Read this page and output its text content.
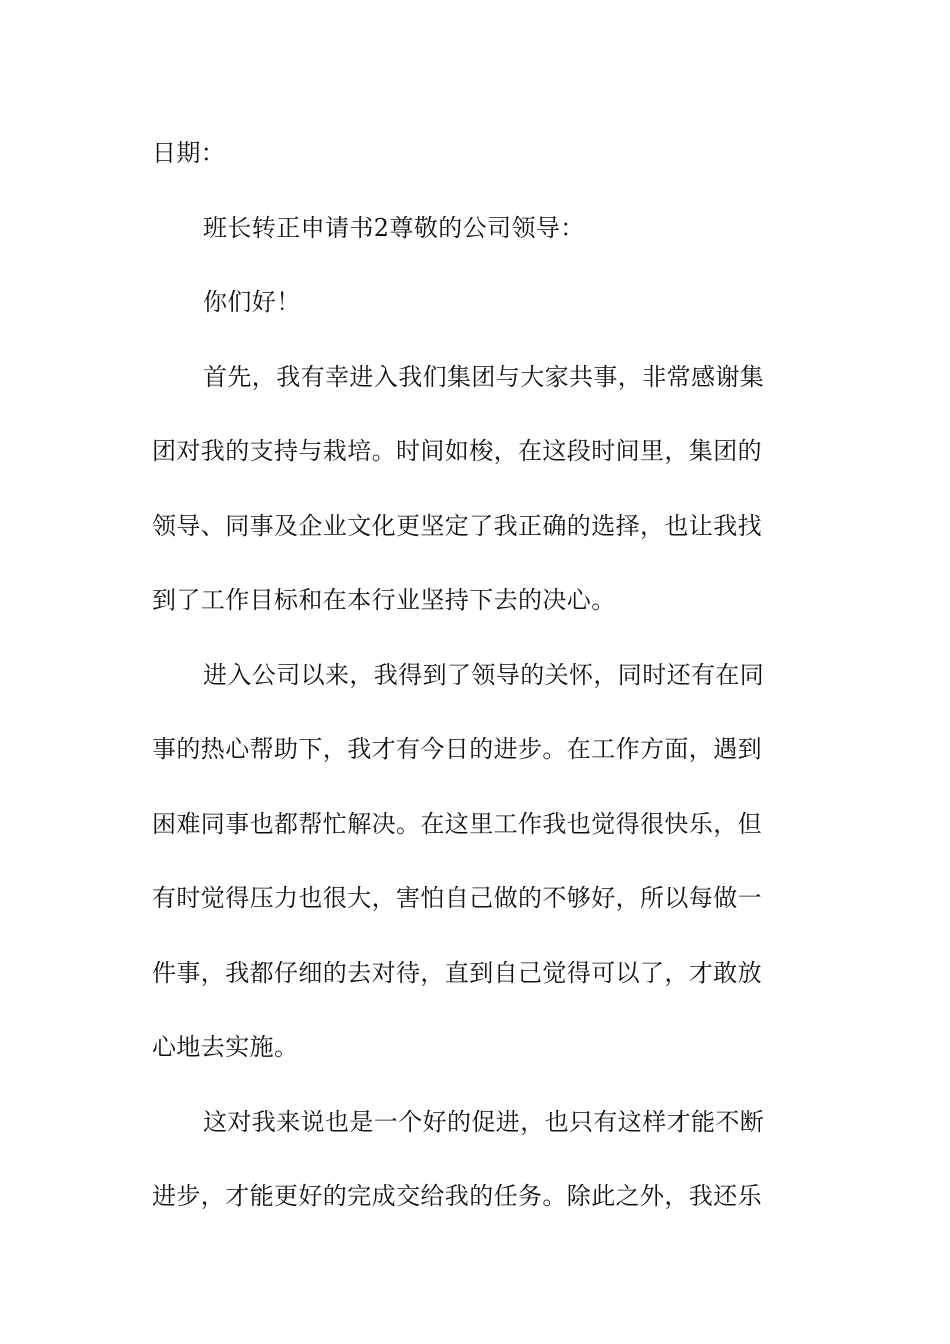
日期：
班长转正申请书2尊敬的公司领导：
你们好！
首先，我有幸进入我们集团与大家共事，非常感谢集
团对我的支持与栽培。时间如梭，在这段时间里，集团的
领导、同事及企业文化更坚定了我正确的选择，也让我找
到了工作目标和在本行业坚持下去的决心。
进入公司以来，我得到了领导的关怀，同时还有在同
事的热心帮助下，我才有今日的进步。在工作方面，遇到
困难同事也都帮忙解决。在这里工作我也觉得很快乐，但
有时觉得压力也很大，害怕自己做的不够好，所以每做一
件事，我都仔细的去对待，直到自己觉得可以了，才敢放
心地去实施。
这对我来说也是一个好的促进，也只有这样才能不断
进步，才能更好的完成交给我的任务。除此之外，我还乐
